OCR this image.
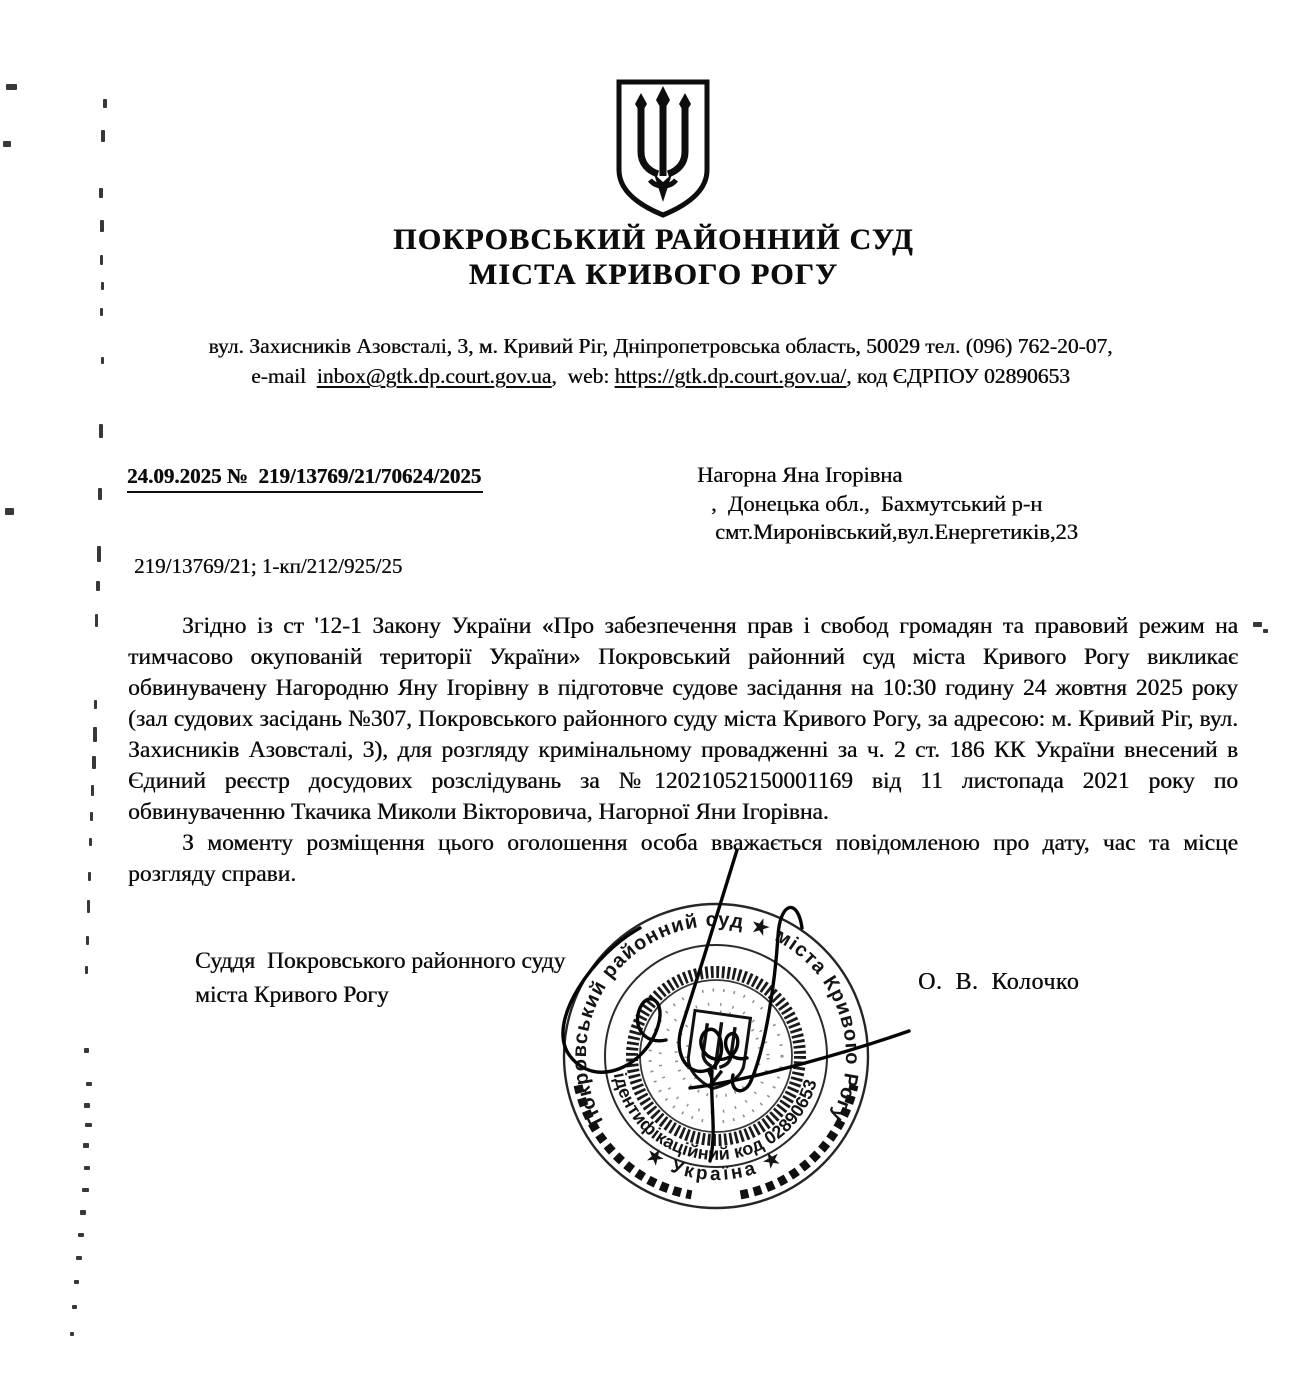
ПОКРОВСЬКИЙ РАЙОННИЙ СУД
МІСТА КРИВОГО РОГУ
вул. Захисників Азовсталі, 3, м. Кривий Ріг, Дніпропетровська область, 50029 тел. (096) 762-20-07,
e-mail  inbox@gtk.dp.court.gov.ua,  web: https://gtk.dp.court.gov.ua/, код ЄДРПОУ 02890653
24.09.2025 №  219/13769/21/70624/2025	Нагорна Яна Ігорівна
,  Донецька обл.,  Бахмутський р-н
смт.Миронівський,вул.Енергетиків,23
219/13769/21; 1-кп/212/925/25

Згідно із ст '12-1 Закону України «Про забезпечення прав і свобод громадян та правовий режим на тимчасово окупованій території України» Покровський районний суд міста Кривого Рогу викликає обвинувачену Нагородню Яну Ігорівну в підготовче судове засідання на 10:30 годину 24 жовтня 2025 року (зал судових засідань №307, Покровського районного суду міста Кривого Рогу, за адресою: м. Кривий Ріг, вул. Захисників Азовсталі, 3), для розгляду кримінальному провадженні за ч. 2 ст. 186 КК України внесений в Єдиний реєстр досудових розслідувань за №12021052150001169 від 11 листопада 2021 року по обвинуваченню Ткачика Миколи Вікторовича, Нагорної Яни Ігорівна.

З моменту розміщення цього оголошення особа вважається повідомленою про дату, час та місце розгляду справи.

Суддя  Покровського районного суду
міста Кривого Рогу	О.  В.  Колочко
Покровський районний суд ★ міста Кривого Рогу
ідентифікаційний код 02890653
★ Україна ★
